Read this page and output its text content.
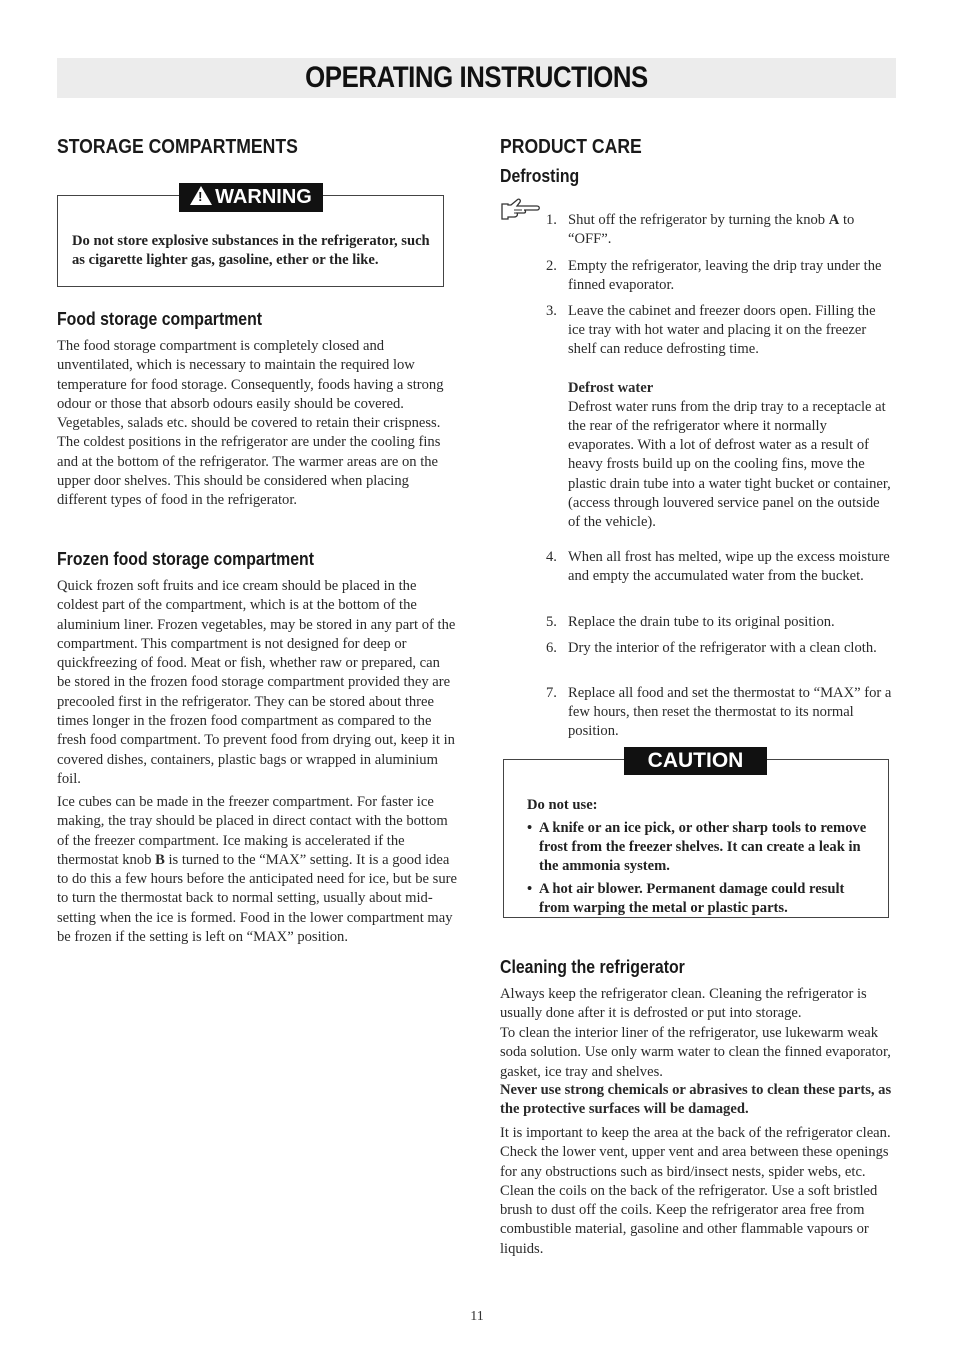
OPERATING INSTRUCTIONS
STORAGE COMPARTMENTS
! WARNING

Do not store explosive substances in the refrigerator, such as cigarette lighter gas, gasoline, ether or the like.

Food storage compartment

The food storage compartment is completely closed and unventilated, which is necessary to maintain the required low temperature for food storage. Consequently, foods having a strong odour or those that absorb odours easily should be covered. Vegetables, salads etc. should be covered to retain their crispness. The coldest positions in the refrigerator are under the cooling fins and at the bottom of the refrigerator. The warmer areas are on the upper door shelves. This should be considered when placing different types of food in the refrigerator.

Frozen food storage compartment

Quick frozen soft fruits and ice cream should be placed in the coldest part of the compartment, which is at the bottom of the aluminium liner. Frozen vegetables, may be stored in any part of the compartment. This compartment is not designed for deep or quickfreezing of food. Meat or fish, whether raw or prepared, can be stored in the frozen food storage compartment provided they are precooled first in the refrigerator. They can be stored about three times longer in the frozen food compartment as compared to the fresh food compartment. To prevent food from drying out, keep it in covered dishes, containers, plastic bags or wrapped in aluminium foil.

Ice cubes can be made in the freezer compartment. For faster ice making, the tray should be placed in direct contact with the bottom of the freezer compartment. Ice making is accelerated if the thermostat knob B is turned to the “MAX” setting. It is a good idea to do this a few hours before the anticipated need for ice, but be sure to turn the thermostat back to normal setting, usually about mid-setting when the ice is formed. Food in the lower compartment may be frozen if the setting is left on “MAX” position.

PRODUCT CARE
Defrosting

1. Shut off the refrigerator by turning the knob A to “OFF”.

2. Empty the refrigerator, leaving the drip tray under the finned evaporator.

3. Leave the cabinet and freezer doors open. Filling the ice tray with hot water and placing it on the freezer shelf can reduce defrosting time.

Defrost water

Defrost water runs from the drip tray to a receptacle at the rear of the refrigerator where it normally evaporates. With a lot of defrost water as a result of heavy frosts build up on the cooling fins, move the plastic drain tube into a water tight bucket or container, (access through louvered service panel on the outside of the vehicle).

4. When all frost has melted, wipe up the excess moisture and empty the accumulated water from the bucket.

5. Replace the drain tube to its original position.

6. Dry the interior of the refrigerator with a clean cloth.

7. Replace all food and set the thermostat to “MAX” for a few hours, then reset the thermostat to its normal position.

CAUTION

Do not use:

• A knife or an ice pick, or other sharp tools to remove frost from the freezer shelves. It can create a leak in the ammonia system.

• A hot air blower. Permanent damage could result from warping the metal or plastic parts.

Cleaning the refrigerator

Always keep the refrigerator clean. Cleaning the refrigerator is usually done after it is defrosted or put into storage.

To clean the interior liner of the refrigerator, use lukewarm weak soda solution. Use only warm water to clean the finned evaporator, gasket, ice tray and shelves.

Never use strong chemicals or abrasives to clean these parts, as the protective surfaces will be damaged.

It is important to keep the area at the back of the refrigerator clean. Check the lower vent, upper vent and area between these openings for any obstructions such as bird/insect nests, spider webs, etc. Clean the coils on the back of the refrigerator. Use a soft bristled brush to dust off the coils. Keep the refrigerator area free from combustible material, gasoline and other flammable vapours or liquids.

11
